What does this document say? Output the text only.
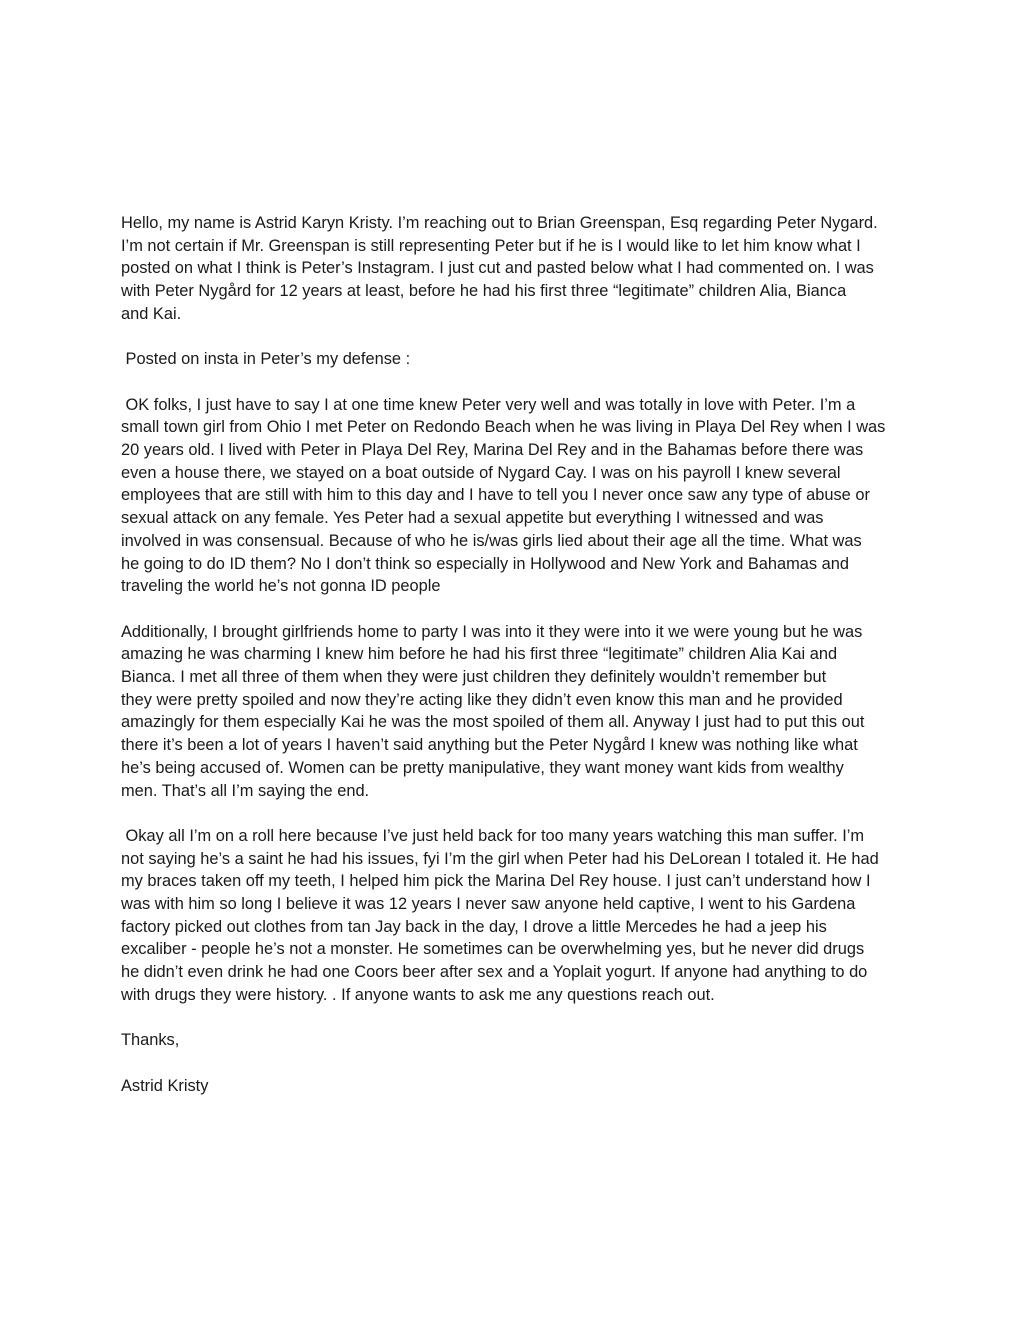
Hello, my name is Astrid Karyn Kristy. I’m reaching out to Brian Greenspan, Esq regarding Peter Nygard.
I’m not certain if Mr. Greenspan is still representing Peter but if he is I would like to let him know what I
posted on what I think is Peter’s Instagram. I just cut and pasted below what I had commented on. I was
with Peter Nygård for 12 years at least, before he had his first three “legitimate” children Alia, Bianca
and Kai.
Posted on insta in Peter’s my defense :
OK folks, I just have to say I at one time knew Peter very well and was totally in love with Peter. I’m a
small town girl from Ohio I met Peter on Redondo Beach when he was living in Playa Del Rey when I was
20 years old. I lived with Peter in Playa Del Rey, Marina Del Rey and in the Bahamas before there was
even a house there, we stayed on a boat outside of Nygard Cay. I was on his payroll I knew several
employees that are still with him to this day and I have to tell you I never once saw any type of abuse or
sexual attack on any female. Yes Peter had a sexual appetite but everything I witnessed and was
involved in was consensual. Because of who he is/was girls lied about their age all the time. What was
he going to do ID them? No I don’t think so especially in Hollywood and New York and Bahamas and
traveling the world he’s not gonna ID people
Additionally, I brought girlfriends home to party I was into it they were into it we were young but he was
amazing he was charming I knew him before he had his first three “legitimate” children Alia Kai and
Bianca. I met all three of them when they were just children they definitely wouldn’t remember but
they were pretty spoiled and now they’re acting like they didn’t even know this man and he provided
amazingly for them especially Kai he was the most spoiled of them all. Anyway I just had to put this out
there it’s been a lot of years I haven’t said anything but the Peter Nygård I knew was nothing like what
he’s being accused of. Women can be pretty manipulative, they want money want kids from wealthy
men. That’s all I’m saying the end.
Okay all I’m on a roll here because I’ve just held back for too many years watching this man suffer. I’m
not saying he’s a saint he had his issues, fyi I’m the girl when Peter had his DeLorean I totaled it. He had
my braces taken off my teeth, I helped him pick the Marina Del Rey house. I just can’t understand how I
was with him so long I believe it was 12 years I never saw anyone held captive, I went to his Gardena
factory picked out clothes from tan Jay back in the day, I drove a little Mercedes he had a jeep his
excaliber - people he’s not a monster. He sometimes can be overwhelming yes, but he never did drugs
he didn’t even drink he had one Coors beer after sex and a Yoplait yogurt. If anyone had anything to do
with drugs they were history. . If anyone wants to ask me any questions reach out.
Thanks,
Astrid Kristy
